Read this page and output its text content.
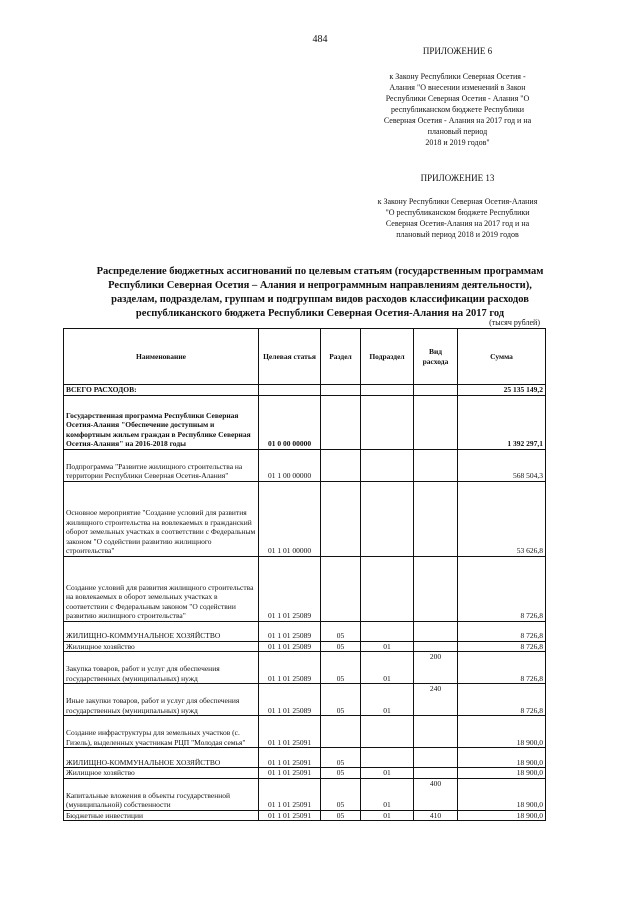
484
ПРИЛОЖЕНИЕ 6
к Закону Республики Северная Осетия -
Алания "О внесении изменений в Закон
Республики Северная Осетия - Алания "О
республиканском бюджете Республики
Северная Осетия - Алания на 2017 год и на
плановый период
2018 и 2019 годов"
ПРИЛОЖЕНИЕ 13
к Закону Республики Северная Осетия-Алания
"О республиканском бюджете Республики
Северная Осетия-Алания на 2017 год и на
плановый период 2018 и 2019 годов
Распределение бюджетных ассигнований по целевым статьям (государственным программам
Республики Северная Осетия – Алания и непрограммным направлениям деятельности),
разделам, подразделам, группам и подгруппам видов расходов классификации расходов
республиканского бюджета Республики Северная Осетия-Алания на 2017 год
(тысяч рублей)
Наименование	Целевая статья	Раздел	Подраздел	Вид расхода	Сумма
ВСЕГО РАСХОДОВ:					25 135 149,2
Государственная программа Республики Северная Осетия-Алания "Обеспечение доступным и комфортным жильем граждан в Республике Северная Осетия-Алания" на 2016-2018 годы	01 0 00 00000				1 392 297,1
Подпрограмма "Развитие жилищного строительства на территории Республики Северная Осетия-Алания"	01 1 00 00000				568 504,3
Основное мероприятие "Создание условий для развития жилищного строительства на вовлекаемых в гражданский оборот земельных участках в соответствии с Федеральным законом "О содействии развитию жилищного строительства"	01 1 01 00000				53 626,8
Создание условий для развития жилищного строительства на вовлекаемых в оборот земельных участках в соответствии с Федеральным законом "О содействии развитию жилищного строительства"	01 1 01 25089				8 726,8
ЖИЛИЩНО-КОММУНАЛЬНОЕ ХОЗЯЙСТВО	01 1 01 25089	05			8 726,8
Жилищное хозяйство	01 1 01 25089	05	01		8 726,8
Закупка товаров, работ и услуг для обеспечения государственных (муниципальных) нужд	01 1 01 25089	05	01	200	8 726,8
Иные закупки товаров, работ и услуг для обеспечения государственных (муниципальных) нужд	01 1 01 25089	05	01	240	8 726,8
Создание инфраструктуры для земельных участков (с. Гизель), выделенных участникам РЦП "Молодая семья"	01 1 01 25091				18 900,0
ЖИЛИЩНО-КОММУНАЛЬНОЕ ХОЗЯЙСТВО	01 1 01 25091	05			18 900,0
Жилищное хозяйство	01 1 01 25091	05	01		18 900,0
Капитальные вложения в объекты государственной (муниципальной) собственности	01 1 01 25091	05	01	400	18 900,0
Бюджетные инвестиции	01 1 01 25091	05	01	410	18 900,0
